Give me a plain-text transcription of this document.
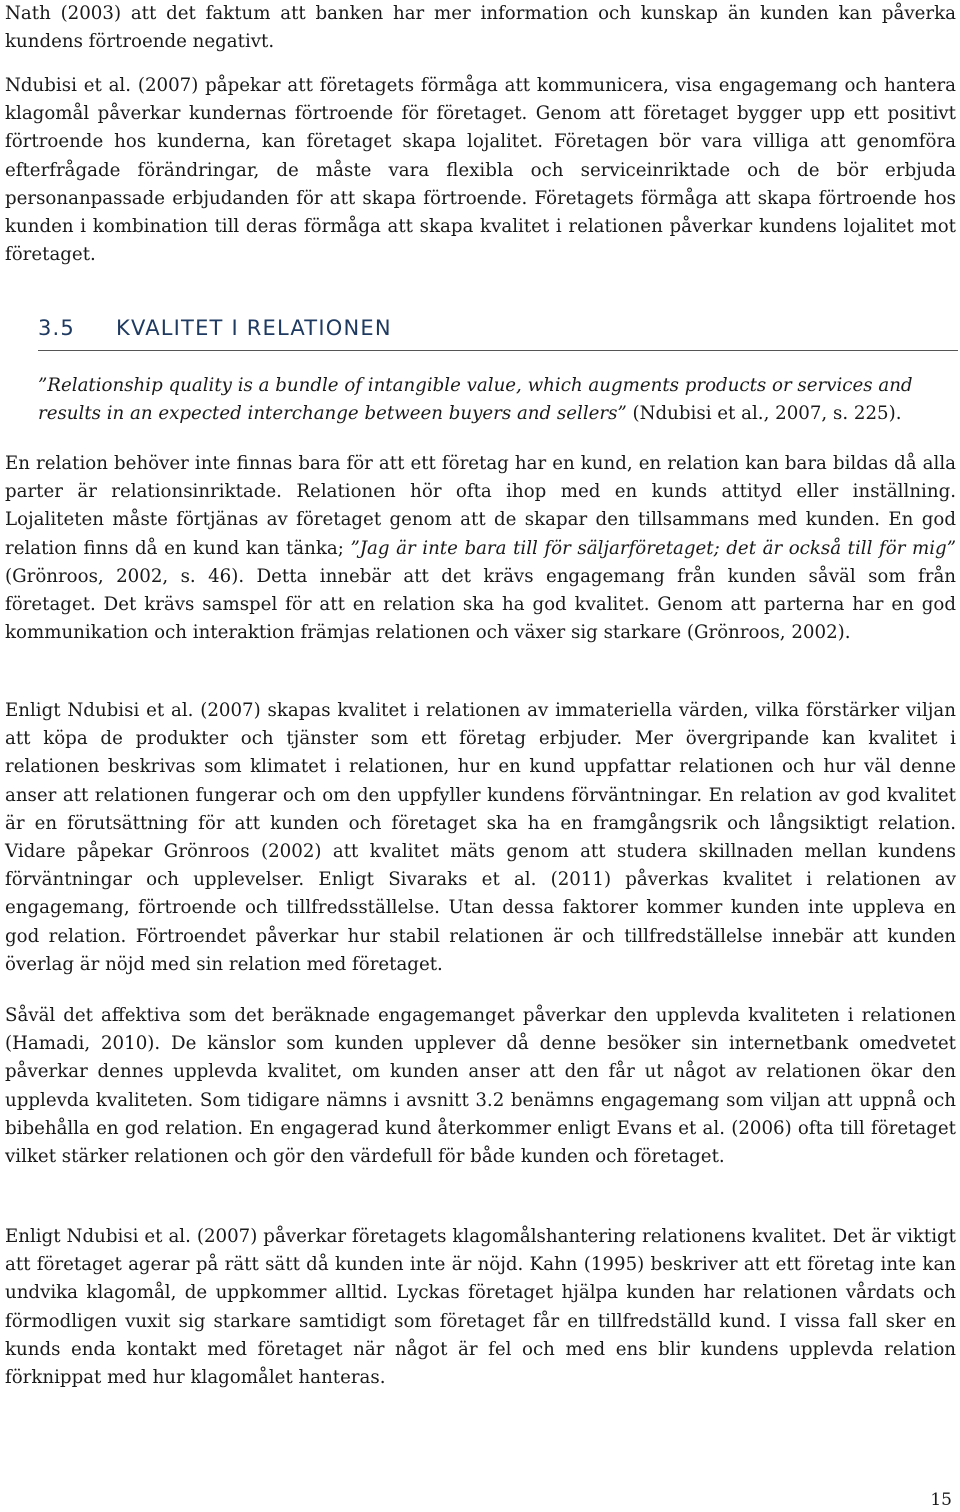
Nath (2003) att det faktum att banken har mer information och kunskap än kunden kan påverka kundens förtroende negativt.

Ndubisi et al. (2007) påpekar att företagets förmåga att kommunicera, visa engagemang och hantera klagomål påverkar kundernas förtroende för företaget. Genom att företaget bygger upp ett positivt förtroende hos kunderna, kan företaget skapa lojalitet. Företagen bör vara villiga att genomföra efterfrågade förändringar, de måste vara flexibla och serviceinriktade och de bör erbjuda personanpassade erbjudanden för att skapa förtroende. Företagets förmåga att skapa förtroende hos kunden i kombination till deras förmåga att skapa kvalitet i relationen påverkar kundens lojalitet mot företaget.

3.5 KVALITET I RELATIONEN
”Relationship quality is a bundle of intangible value, which augments products or services and results in an expected interchange between buyers and sellers” (Ndubisi et al., 2007, s. 225).

En relation behöver inte finnas bara för att ett företag har en kund, en relation kan bara bildas då alla parter är relationsinriktade. Relationen hör ofta ihop med en kunds attityd eller inställning. Lojaliteten måste förtjänas av företaget genom att de skapar den tillsammans med kunden. En god relation finns då en kund kan tänka; ”Jag är inte bara till för säljarföretaget; det är också till för mig” (Grönroos, 2002, s. 46). Detta innebär att det krävs engagemang från kunden såväl som från företaget. Det krävs samspel för att en relation ska ha god kvalitet. Genom att parterna har en god kommunikation och interaktion främjas relationen och växer sig starkare (Grönroos, 2002).

Enligt Ndubisi et al. (2007) skapas kvalitet i relationen av immateriella värden, vilka förstärker viljan att köpa de produkter och tjänster som ett företag erbjuder. Mer övergripande kan kvalitet i relationen beskrivas som klimatet i relationen, hur en kund uppfattar relationen och hur väl denne anser att relationen fungerar och om den uppfyller kundens förväntningar. En relation av god kvalitet är en förutsättning för att kunden och företaget ska ha en framgångsrik och långsiktigt relation. Vidare påpekar Grönroos (2002) att kvalitet mäts genom att studera skillnaden mellan kundens förväntningar och upplevelser. Enligt Sivaraks et al. (2011) påverkas kvalitet i relationen av engagemang, förtroende och tillfredsställelse. Utan dessa faktorer kommer kunden inte uppleva en god relation. Förtroendet påverkar hur stabil relationen är och tillfredställelse innebär att kunden överlag är nöjd med sin relation med företaget.

Såväl det affektiva som det beräknade engagemanget påverkar den upplevda kvaliteten i relationen (Hamadi, 2010). De känslor som kunden upplever då denne besöker sin internetbank omedvetet påverkar dennes upplevda kvalitet, om kunden anser att den får ut något av relationen ökar den upplevda kvaliteten. Som tidigare nämns i avsnitt 3.2 benämns engagemang som viljan att uppnå och bibehålla en god relation. En engagerad kund återkommer enligt Evans et al. (2006) ofta till företaget vilket stärker relationen och gör den värdefull för både kunden och företaget.

Enligt Ndubisi et al. (2007) påverkar företagets klagomålshantering relationens kvalitet. Det är viktigt att företaget agerar på rätt sätt då kunden inte är nöjd. Kahn (1995) beskriver att ett företag inte kan undvika klagomål, de uppkommer alltid. Lyckas företaget hjälpa kunden har relationen vårdats och förmodligen vuxit sig starkare samtidigt som företaget får en tillfredställd kund. I vissa fall sker en kunds enda kontakt med företaget när något är fel och med ens blir kundens upplevda relation förknippat med hur klagomålet hanteras.

15
